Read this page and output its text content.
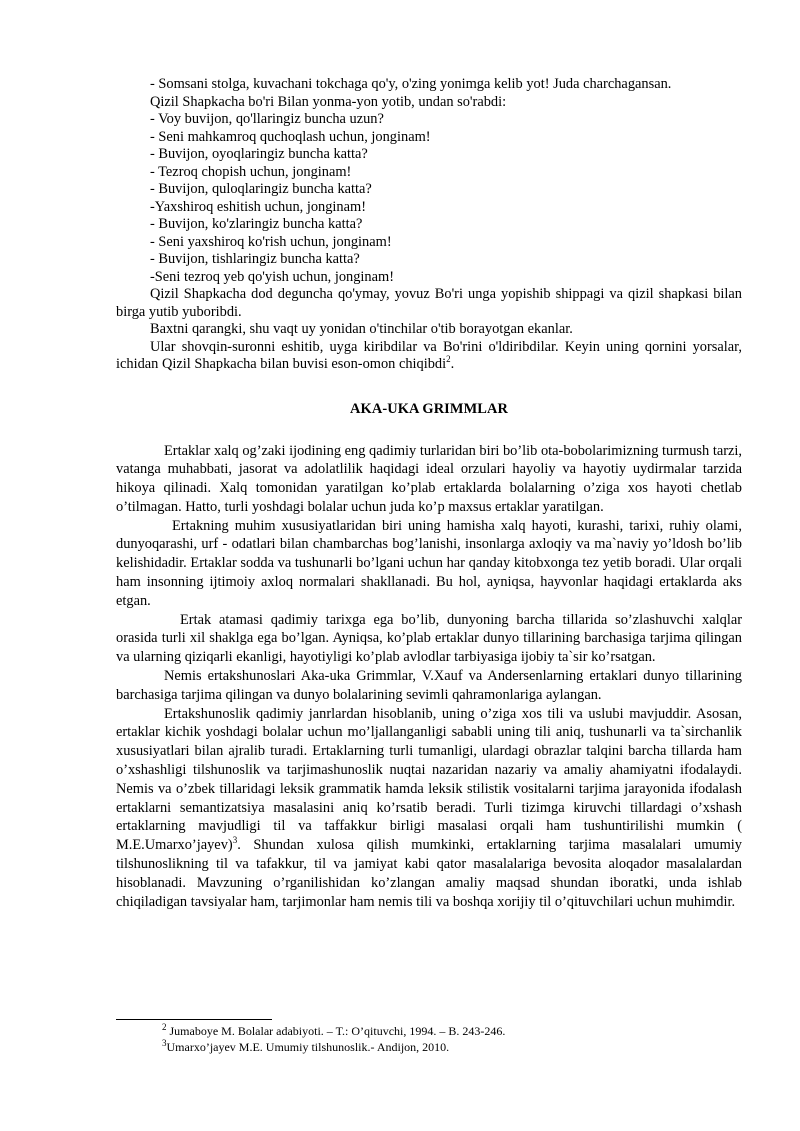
- Somsani stolga, kuvachani tokchaga qo'y, o'zing yonimga kelib yot! Juda charchagansan.

Qizil Shapkacha bo'ri Bilan yonma-yon yotib, undan so'rabdi:

- Voy buvijon, qo'llaringiz buncha uzun?

- Seni mahkamroq quchoqlash uchun, jonginam!

- Buvijon, oyoqlaringiz buncha katta?

- Tezroq chopish uchun, jonginam!

- Buvijon, quloqlaringiz buncha katta?

-Yaxshiroq eshitish uchun, jonginam!

- Buvijon, ko'zlaringiz buncha katta?

- Seni yaxshiroq ko'rish uchun, jonginam!

- Buvijon, tishlaringiz buncha katta?

-Seni tezroq yeb qo'yish uchun, jonginam!

Qizil Shapkacha dod deguncha qo'ymay, yovuz Bo'ri unga yopishib shippagi va qizil shapkasi bilan birga yutib yuboribdi.

Baxtni qarangki, shu vaqt uy yonidan o'tinchilar o'tib borayotgan ekanlar.

Ular shovqin-suronni eshitib, uyga kiribdilar va Bo'rini o'ldiribdilar. Keyin uning qornini yorsalar, ichidan Qizil Shapkacha bilan buvisi eson-omon chiqibdi$^2$.

AKA-UKA GRIMMLAR

Ertaklar xalq og’zaki ijodining eng qadimiy turlaridan biri bo’lib ota-bobolarimizning turmush tarzi, vatanga muhabbati, jasorat va adolatlilik haqidagi ideal orzulari hayoliy va hayotiy uydirmalar tarzida hikoya qilinadi. Xalq tomonidan yaratilgan ko’plab ertaklarda bolalarning o’ziga xos hayoti chetlab o’tilmagan. Hatto, turli yoshdagi bolalar uchun juda ko’p maxsus ertaklar yaratilgan.

Ertakning muhim xususiyatlaridan biri uning hamisha xalq hayoti, kurashi, tarixi, ruhiy olami, dunyoqarashi, urf - odatlari bilan chambarchas bog’lanishi, insonlarga axloqiy va ma`naviy yo’ldosh bo’lib kelishidadir. Ertaklar sodda va tushunarli bo’lgani uchun har qanday kitobxonga tez yetib boradi. Ular orqali ham insonning ijtimoiy axloq normalari shakllanadi. Bu hol, ayniqsa, hayvonlar haqidagi ertaklarda aks etgan.

Ertak atamasi qadimiy tarixga ega bo’lib, dunyoning barcha tillarida so’zlashuvchi xalqlar orasida turli xil shaklga ega bo’lgan. Ayniqsa, ko’plab ertaklar dunyo tillarining barchasiga tarjima qilingan va ularning qiziqarli ekanligi, hayotiyligi ko’plab avlodlar tarbiyasiga ijobiy ta`sir ko’rsatgan.

Nemis ertakshunoslari Aka-uka Grimmlar, V.Xauf va Andersenlarning ertaklari dunyo tillarining barchasiga tarjima qilingan va dunyo bolalarining sevimli qahramonlariga aylangan.

Ertakshunoslik qadimiy janrlardan hisoblanib, uning o’ziga xos tili va uslubi mavjuddir. Asosan, ertaklar kichik yoshdagi bolalar uchun mo’ljallanganligi sababli uning tili aniq, tushunarli va ta`sirchanlik xususiyatlari bilan ajralib turadi. Ertaklarning turli tumanligi, ulardagi obrazlar talqini barcha tillarda ham o’xshashligi tilshunoslik va tarjimashunoslik nuqtai nazaridan nazariy va amaliy ahamiyatni ifodalaydi. Nemis va o’zbek tillaridagi leksik grammatik hamda leksik stilistik vositalarni tarjima jarayonida ifodalash ertaklarni semantizatsiya masalasini aniq ko’rsatib beradi. Turli tizimga kiruvchi tillardagi o’xshash ertaklarning mavjudligi til va taffakkur birligi masalasi orqali ham tushuntirilishi mumkin ( M.E.Umarxo’jayev)$^3$. Shundan xulosa qilish mumkinki, ertaklarning tarjima masalalari umumiy tilshunoslikning til va tafakkur, til va jamiyat kabi qator masalalariga bevosita aloqador masalalardan hisoblanadi. Mavzuning o’rganilishidan ko’zlangan amaliy maqsad shundan iboratki, unda ishlab chiqiladigan tavsiyalar ham, tarjimonlar ham nemis tili va boshqa xorijiy til o’qituvchilari uchun muhimdir.

$^2$ Jumaboye M. Bolalar adabiyoti. – T.: O’qituvchi, 1994. – B. 243-246.

$^3$Umarxo’jayev M.E. Umumiy tilshunoslik.- Andijon, 2010.
